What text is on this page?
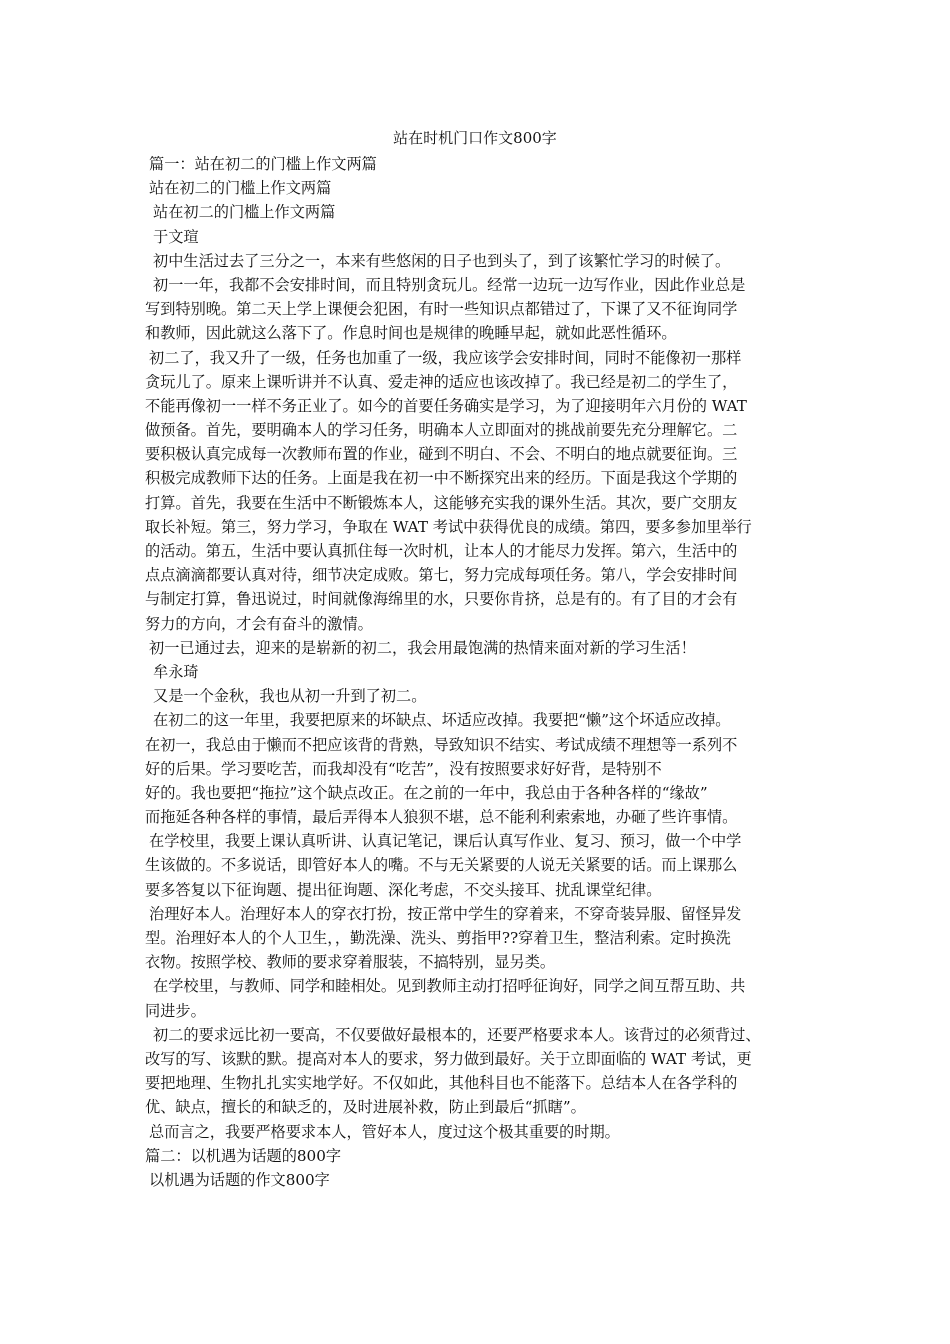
站在时机门口作文800字
篇一：站在初二的门槛上作文两篇
站在初二的门槛上作文两篇
站在初二的门槛上作文两篇
于文瑄
初中生活过去了三分之一，本来有些悠闲的日子也到头了，到了该繁忙学习的时候了。
初一一年，我都不会安排时间，而且特别贪玩儿。经常一边玩一边写作业，因此作业总是
写到特别晚。第二天上学上课便会犯困，有时一些知识点都错过了，下课了又不征询同学
和教师，因此就这么落下了。作息时间也是规律的晚睡早起，就如此恶性循环。
初二了，我又升了一级，任务也加重了一级，我应该学会安排时间，同时不能像初一那样
贪玩儿了。原来上课听讲并不认真、爱走神的适应也该改掉了。我已经是初二的学生了，
不能再像初一一样不务正业了。如今的首要任务确实是学习，为了迎接明年六月份的 WAT
做预备。首先，要明确本人的学习任务，明确本人立即面对的挑战前要先充分理解它。二
要积极认真完成每一次教师布置的作业，碰到不明白、不会、不明白的地点就要征询。三
积极完成教师下达的任务。上面是我在初一中不断探究出来的经历。下面是我这个学期的
打算。首先，我要在生活中不断锻炼本人，这能够充实我的课外生活。其次，要广交朋友
取长补短。第三，努力学习，争取在 WAT 考试中获得优良的成绩。第四，要多参加里举行
的活动。第五，生活中要认真抓住每一次时机，让本人的才能尽力发挥。第六，生活中的
点点滴滴都要认真对待，细节决定成败。第七，努力完成每项任务。第八，学会安排时间
与制定打算，鲁迅说过，时间就像海绵里的水，只要你肯挤，总是有的。有了目的才会有
努力的方向，才会有奋斗的激情。
初一已通过去，迎来的是崭新的初二，我会用最饱满的热情来面对新的学习生活！
牟永琦
又是一个金秋，我也从初一升到了初二。
在初二的这一年里，我要把原来的坏缺点、坏适应改掉。我要把“懒”这个坏适应改掉。
在初一，我总由于懒而不把应该背的背熟，导致知识不结实、考试成绩不理想等一系列不
好的后果。学习要吃苦，而我却没有“吃苦”，没有按照要求好好背，是特别不
好的。我也要把“拖拉”这个缺点改正。在之前的一年中，我总由于各种各样的“缘故”
而拖延各种各样的事情，最后弄得本人狼狈不堪，总不能利利索索地，办砸了些许事情。
在学校里，我要上课认真听讲、认真记笔记，课后认真写作业、复习、预习，做一个中学
生该做的。不多说话，即管好本人的嘴。不与无关紧要的人说无关紧要的话。而上课那么
要多答复以下征询题、提出征询题、深化考虑，不交头接耳、扰乱课堂纪律。
治理好本人。治理好本人的穿衣打扮，按正常中学生的穿着来，不穿奇装异服、留怪异发
型。治理好本人的个人卫生，，勤洗澡、洗头、剪指甲??穿着卫生，整洁利索。定时换洗
衣物。按照学校、教师的要求穿着服装，不搞特别，显另类。
在学校里，与教师、同学和睦相处。见到教师主动打招呼征询好，同学之间互帮互助、共
同进步。
初二的要求远比初一要高，不仅要做好最根本的，还要严格要求本人。该背过的必须背过、
改写的写、该默的默。提高对本人的要求，努力做到最好。关于立即面临的 WAT 考试，更
要把地理、生物扎扎实实地学好。不仅如此，其他科目也不能落下。总结本人在各学科的
优、缺点，擅长的和缺乏的，及时进展补救，防止到最后“抓瞎”。
总而言之，我要严格要求本人，管好本人，度过这个极其重要的时期。
篇二：以机遇为话题的800字
以机遇为话题的作文800字
